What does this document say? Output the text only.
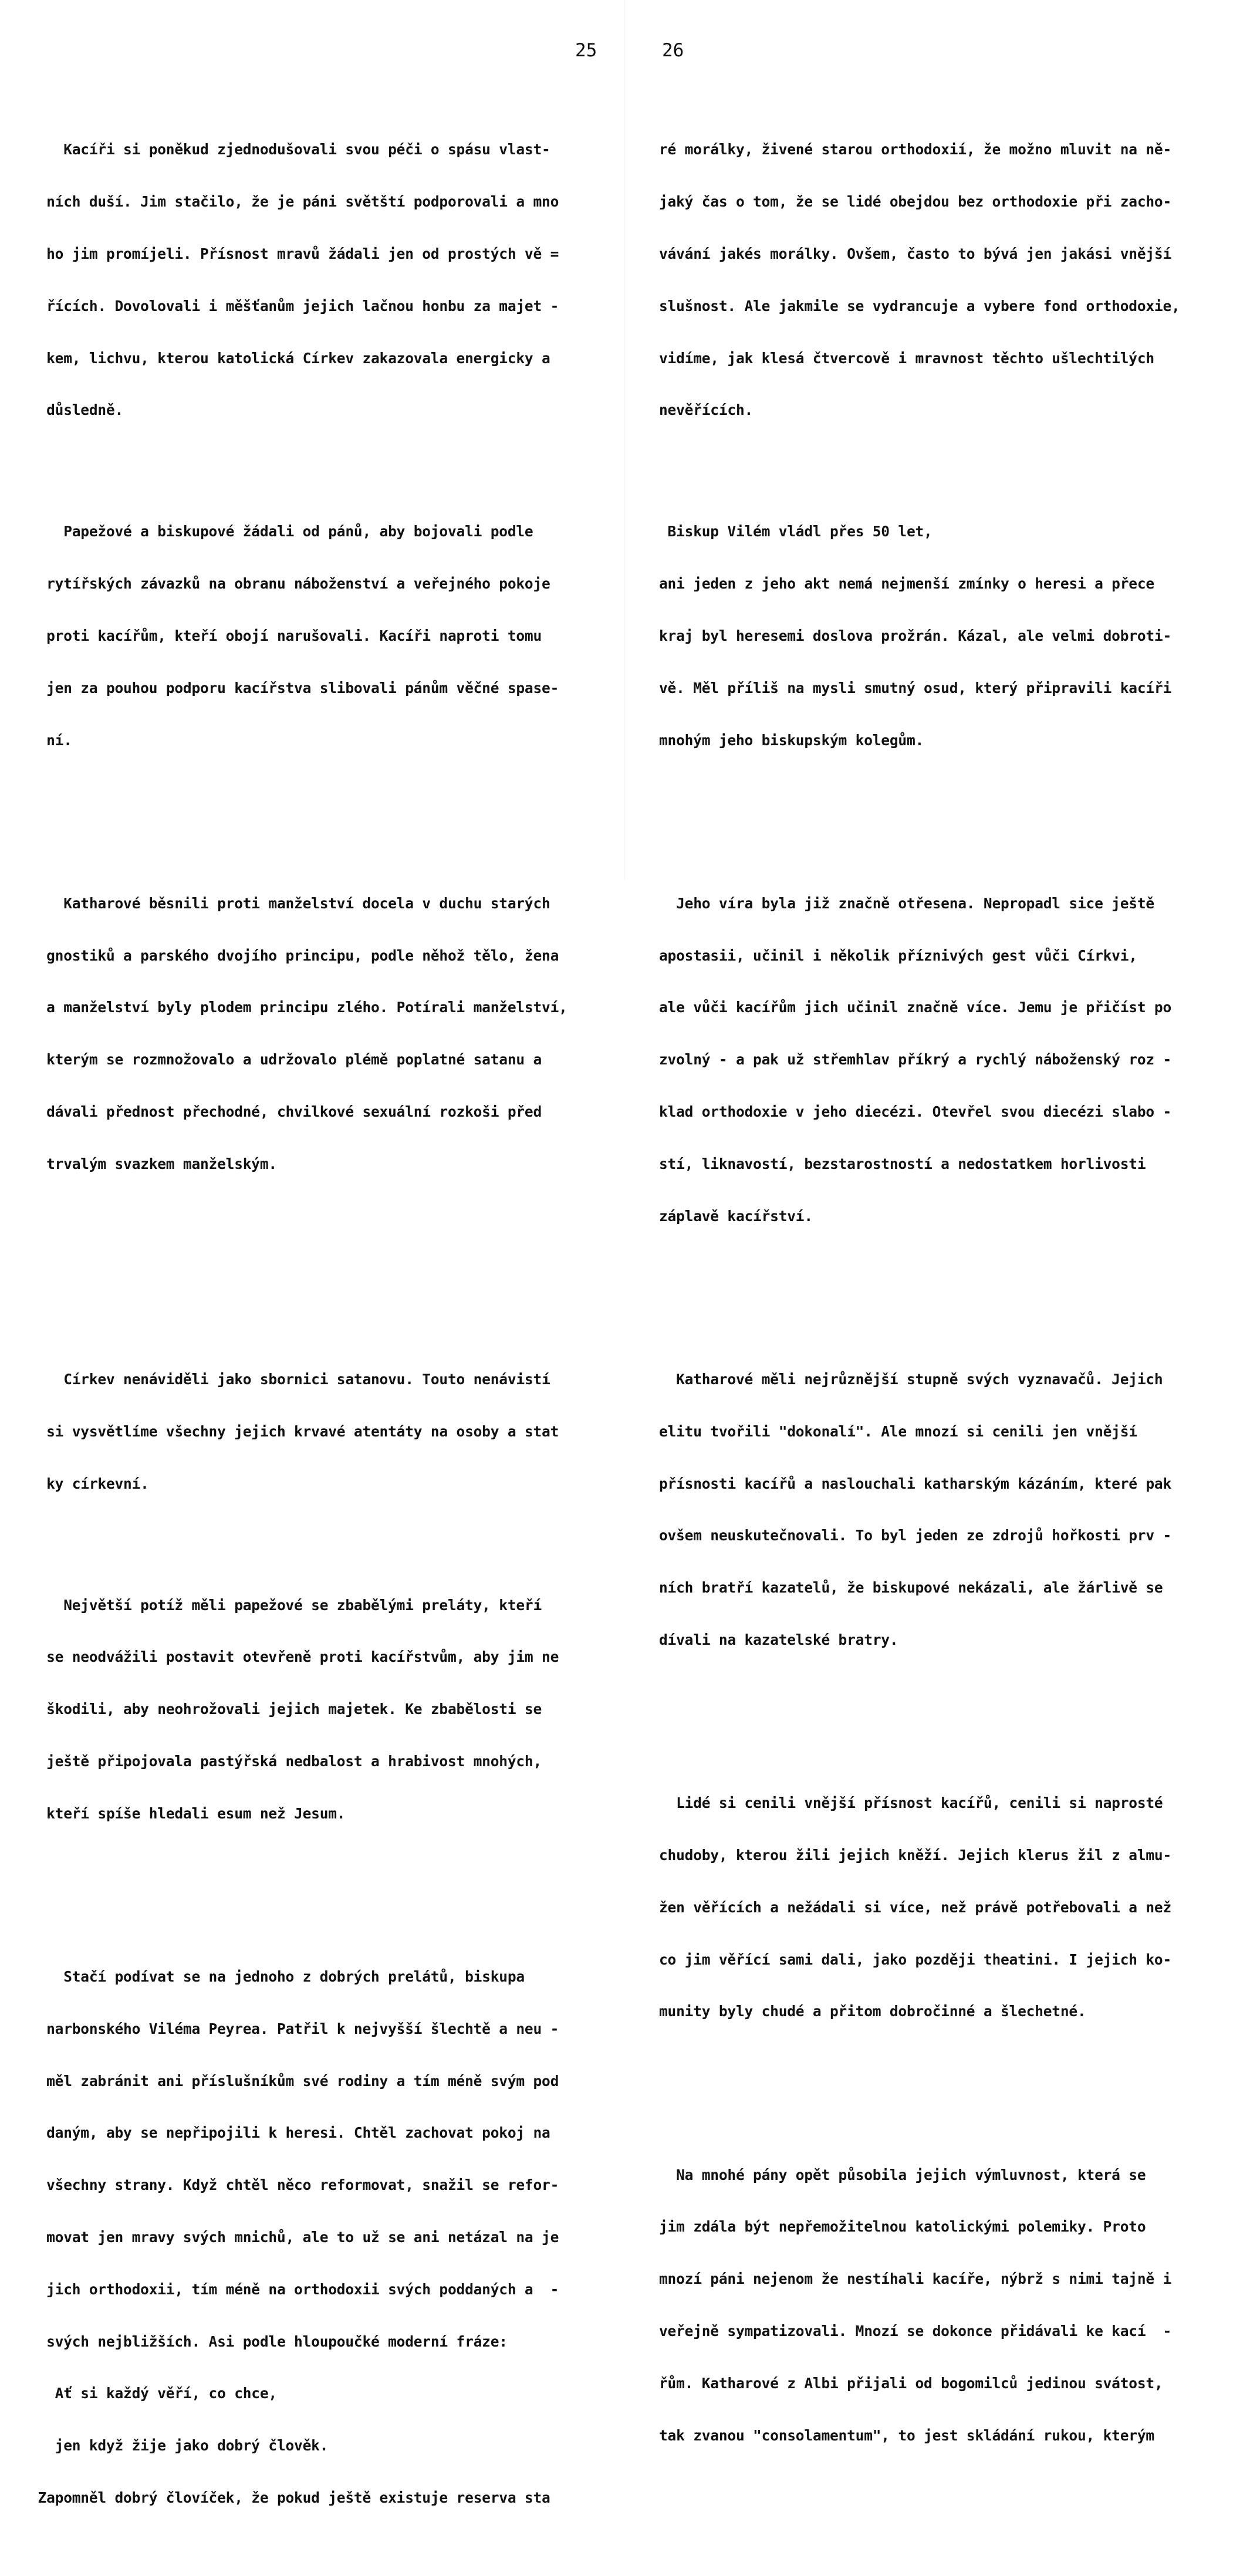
25

Kacíři si poněkud zjednodušovali svou péči o spásu vlast-

ních duší. Jim stačilo, že je páni světští podporovali a mno

ho jim promíjeli. Přísnost mravů žádali jen od prostých vě =

řících. Dovolovali i měšťanům jejich lačnou honbu za majet -

kem, lichvu, kterou katolická Církev zakazovala energicky a

důsledně.

Papežové a biskupové žádali od pánů, aby bojovali podle

rytířských závazků na obranu náboženství a veřejného pokoje

proti kacířům, kteří obojí narušovali. Kacíři naproti tomu

jen za pouhou podporu kacířstva slibovali pánům věčné spase-

ní.

Katharové běsnili proti manželství docela v duchu starých

gnostiků a parského dvojího principu, podle něhož tělo, žena

a manželství byly plodem principu zlého. Potírali manželství,

kterým se rozmnožovalo a udržovalo plémě poplatné satanu a

dávali přednost přechodné, chvilkové sexuální rozkoši před

trvalým svazkem manželským.

Církev nenáviděli jako sbornici satanovu. Touto nenávistí

si vysvětlíme všechny jejich krvavé atentáty na osoby a stat

ky církevní.

Největší potíž měli papežové se zbabělými preláty, kteří

se neodvážili postavit otevřeně proti kacířstvům, aby jim ne

škodili, aby neohrožovali jejich majetek. Ke zbabělosti se

ještě připojovala pastýřská nedbalost a hrabivost mnohých,

kteří spíše hledali esum než Jesum.

Stačí podívat se na jednoho z dobrých prelátů, biskupa

narbonského Viléma Peyrea. Patřil k nejvyšší šlechtě a neu -

měl zabránit ani příslušníkům své rodiny a tím méně svým pod

daným, aby se nepřipojili k heresi. Chtěl zachovat pokoj na

všechny strany. Když chtěl něco reformovat, snažil se refor-

movat jen mravy svých mnichů, ale to už se ani netázal na je

jich orthodoxii, tím méně na orthodoxii svých poddaných a  -

svých nejbližších. Asi podle hloupoučké moderní fráze:

Ať si každý věří, co chce,

jen když žije jako dobrý člověk.

Zapomněl dobrý človíček, že pokud ještě existuje reserva sta

26

ré morálky, živené starou orthodoxií, že možno mluvit na ně-

jaký čas o tom, že se lidé obejdou bez orthodoxie při zacho-

vávání jakés morálky. Ovšem, často to bývá jen jakási vnější

slušnost. Ale jakmile se vydrancuje a vybere fond orthodoxie,

vidíme, jak klesá čtvercově i mravnost těchto ušlechtilých

nevěřících.

Biskup Vilém vládl přes 50 let,

ani jeden z jeho akt nemá nejmenší zmínky o heresi a přece

kraj byl heresemi doslova prožrán. Kázal, ale velmi dobroti-

vě. Měl příliš na mysli smutný osud, který připravili kacíři

mnohým jeho biskupským kolegům.

Jeho víra byla již značně otřesena. Nepropadl sice ještě

apostasii, učinil i několik příznivých gest vůči Církvi,

ale vůči kacířům jich učinil značně více. Jemu je přičíst po

zvolný - a pak už střemhlav příkrý a rychlý náboženský roz -

klad orthodoxie v jeho diecézi. Otevřel svou diecézi slabo -

stí, liknavostí, bezstarostností a nedostatkem horlivosti

záplavě kacířství.

Katharové měli nejrůznější stupně svých vyznavačů. Jejich

elitu tvořili "dokonalí". Ale mnozí si cenili jen vnější

přísnosti kacířů a naslouchali katharským kázáním, které pak

ovšem neuskutečnovali. To byl jeden ze zdrojů hořkosti prv -

ních bratří kazatelů, že biskupové nekázali, ale žárlivě se

dívali na kazatelské bratry.

Lidé si cenili vnější přísnost kacířů, cenili si naprosté

chudoby, kterou žili jejich kněží. Jejich klerus žil z almu-

žen věřících a nežádali si více, než právě potřebovali a než

co jim věřící sami dali, jako později theatini. I jejich ko-

munity byly chudé a přitom dobročinné a šlechetné.

Na mnohé pány opět působila jejich výmluvnost, která se

jim zdála být nepřemožitelnou katolickými polemiky. Proto

mnozí páni nejenom že nestíhali kacíře, nýbrž s nimi tajně i

veřejně sympatizovali. Mnozí se dokonce přidávali ke kací  -

řům. Katharové z Albi přijali od bogomilců jedinou svátost,

tak zvanou "consolamentum", to jest skládání rukou, kterým
